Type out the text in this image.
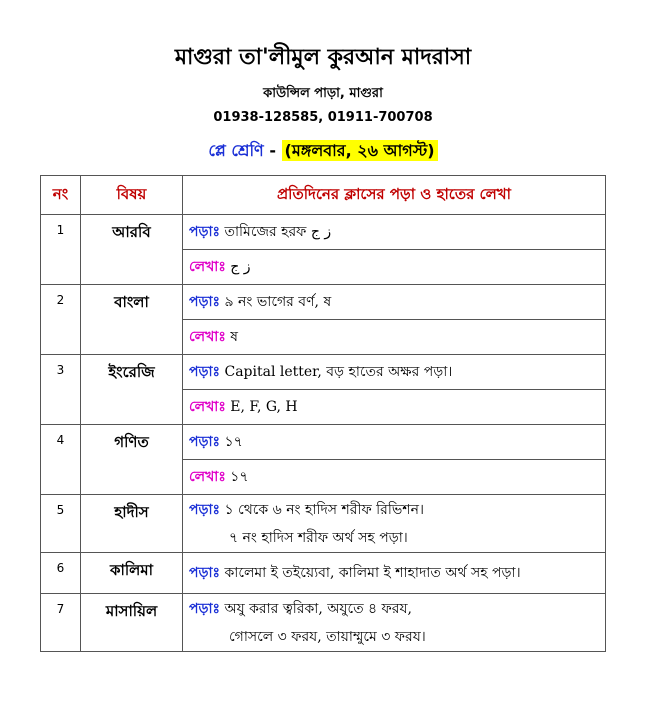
মাগুরা তা'লীমুল কুরআন মাদরাসা
কাউন্সিল পাড়া, মাগুরা
01938-128585, 01911-700708
প্লে শ্রেণি - (মঙ্গলবার, ২৬ আগস্ট)
নং	বিষয়	প্রতিদিনের ক্লাসের পড়া ও হাতের লেখা
1	আরবি	পড়াঃ তামিজের হরফ ز ج
		লেখাঃ ز ج
2	বাংলা	পড়াঃ ৯ নং ভাগের বর্ণ, ষ
		লেখাঃ ষ
3	ইংরেজি	পড়াঃ Capital letter, বড় হাতের অক্ষর পড়া।
		লেখাঃ E, F, G, H
4	গণিত	পড়াঃ ১৭
		লেখাঃ ১৭
5	হাদীস	পড়াঃ ১ থেকে ৬ নং হাদিস শরীফ রিভিশন।
৭ নং হাদিস শরীফ অর্থ সহ পড়া।

6	কালিমা	পড়াঃ কালেমা ই তইয়্যেবা, কালিমা ই শাহাদাত অর্থ সহ পড়া।
7	মাসায়িল	পড়াঃ অযু করার ত্বরিকা, অযুতে ৪ ফরয,
গোসলে ৩ ফরয, তায়াম্মুমে ৩ ফরয।
